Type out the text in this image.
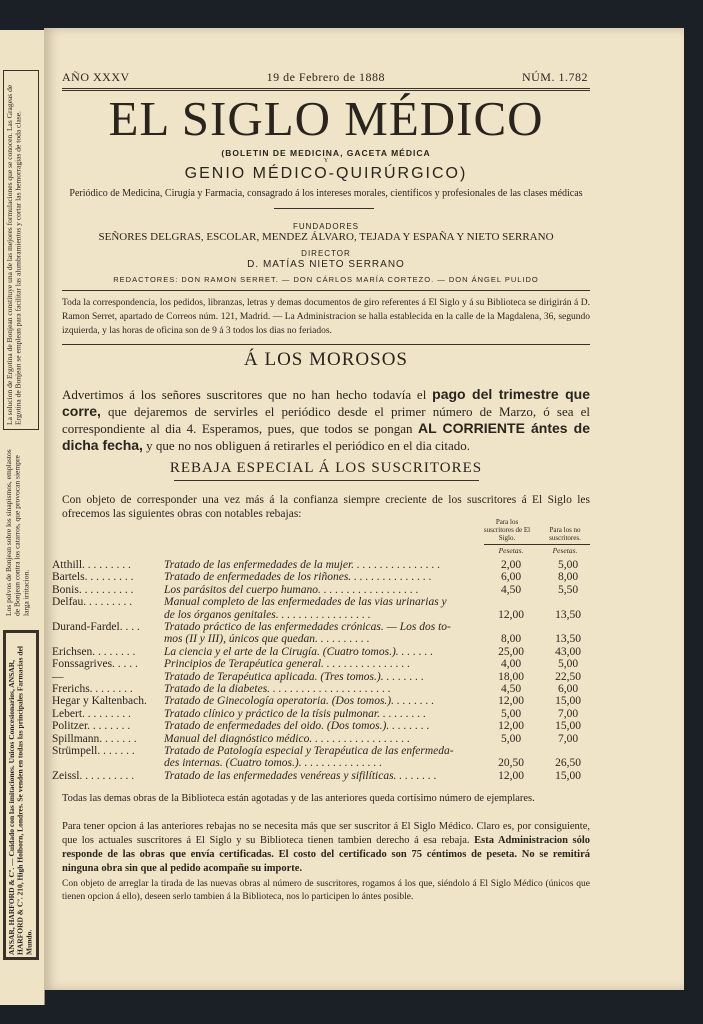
La solucion de Ergotina de Bonjean constituye una de las mejores formulaciones que se conocen. Las Grageas de Ergotina de Bonjean se emplean para facilitar las alumbramientos y cortar las hemorragias de toda clase.
Los polvos de Bonjean sobre los sinapismos, emplastos de Bonjean contra los catarros, que provocan siempre larga irritacion.
ANSAR, HARFORD & Cº. — Cuidado con las imitaciones. Unicos Concesionarios, ANSAR, HARFORD & Cº. 210, High Holborn, Londres. Se venden en todas las principales Farmacias del Mundo.
AÑO XXXV	19 de Febrero de 1888	NÚM. 1.782
EL SIGLO MÉDICO
(BOLETIN DE MEDICINA, GACETA MÉDICA
Y
GENIO MÉDICO-QUIRÚRGICO)
Periódico de Medicina, Cirugía y Farmacia, consagrado á los intereses morales, científicos y profesionales de las clases médicas
FUNDADORES
SEÑORES DELGRAS, ESCOLAR, MENDEZ ÁLVARO, TEJADA Y ESPAÑA Y NIETO SERRANO
DIRECTOR
D. MATÍAS NIETO SERRANO
REDACTORES: DON RAMON SERRET. — DON CÁRLOS MARÍA CORTEZO. — DON ÁNGEL PULIDO
Toda la correspondencia, los pedidos, libranzas, letras y demas documentos de giro referentes á El Siglo y á su Biblioteca se dirigirán á D. Ramon Serret, apartado de Correos núm. 121, Madrid. — La Administracion se halla establecida en la calle de la Magdalena, 36, segundo izquierda, y las horas de oficina son de 9 á 3 todos los dias no feriados.
Á LOS MOROSOS
Advertimos á los señores suscritores que no han hecho todavía el pago del trimestre que corre, que dejaremos de servirles el periódico desde el primer número de Marzo, ó sea el correspondiente al dia 4. Esperamos, pues, que todos se pongan AL CORRIENTE ántes de dicha fecha, y que no nos obliguen á retirarles el periódico en el dia citado.
REBAJA ESPECIAL Á LOS SUSCRITORES
Con objeto de corresponder una vez más á la confianza siempre creciente de los suscritores á El Siglo les ofrecemos las siguientes obras con notables rebajas:
Para los suscritores de El Siglo.
Para los no suscritores.
Pesetas.	Pesetas.
Atthill. . . . . . . . .	Tratado de las enfermedades de la mujer. . . . . . . . . . . . . . . .	2,00	5,00
Bartels. . . . . . . . .	Tratado de enfermedades de los riñones. . . . . . . . . . . . . . .	6,00	8,00
Bonis. . . . . . . . . .	Los parásitos del cuerpo humano. . . . . . . . . . . . . . . . . .	4,50	5,50
Delfau. . . . . . . . .	Manual completo de las enfermedades de las vias urinarias y
de los órganos genitales. . . . . . . . . . . . . . . . .	12,00	13,50
Durand-Fardel. . . . Tratado práctico de las enfermedades crónicas. — Los dos to-
mos (II y III), únicos que quedan. . . . . . . . . .	8,00	13,50
Erichsen. . . . . . . . La ciencia y el arte de la Cirugía. (Cuatro tomos.). . . . . . .	25,00	43,00
Fonssagrives. . . . . Principios de Terapéutica general. . . . . . . . . . . . . . . .	4,00	5,00
—	Tratado de Terapéutica aplicada. (Tres tomos.). . . . . . . .	18,00	22,50
Frerichs. . . . . . . .	Tratado de la diabetes. . . . . . . . . . . . . . . . . . . . . .	4,50	6,00
Hegar y Kaltenbach. Tratado de Ginecología operatoria. (Dos tomos.). . . . . . . .	12,00	15,00
Lebert. . . . . . . . .	Tratado clínico y práctico de la tísis pulmonar. . . . . . . . .	5,00	7,00
Politzer. . . . . . . .	Tratado de enfermedades del oido. (Dos tomos.). . . . . . . .	12,00	15,00
Spillmann. . . . . . . Manual del diagnóstico médico. . . . . . . . . . . . . . . . . .	5,00	7,00
Strümpell. . . . . . .	Tratado de Patología especial y Terapéutica de las enfermeda-
des internas. (Cuatro tomos.). . . . . . . . . . . . . . .	20,50	26,50
Zeissl. . . . . . . . . .	Tratado de las enfermedades venéreas y sifilíticas. . . . . . . .	12,00	15,00
Todas las demas obras de la Biblioteca están agotadas y de las anteriores queda cortísimo número de ejemplares.
Para tener opcion á las anteriores rebajas no se necesita más que ser suscritor á El Siglo Médico. Claro es, por consiguiente, que los actuales suscritores á El Siglo y su Biblioteca tienen tambien derecho á esa rebaja. Esta Administracion sólo responde de las obras que envía certificadas. El costo del certificado son 75 céntimos de peseta. No se remitirá ninguna obra sin que al pedido acompañe su importe.
Con objeto de arreglar la tirada de las nuevas obras al número de suscritores, rogamos á los que, siéndolo á El Siglo Médico (únicos que tienen opcion á ello), deseen serlo tambien á la Biblioteca, nos lo participen lo ántes posible.
